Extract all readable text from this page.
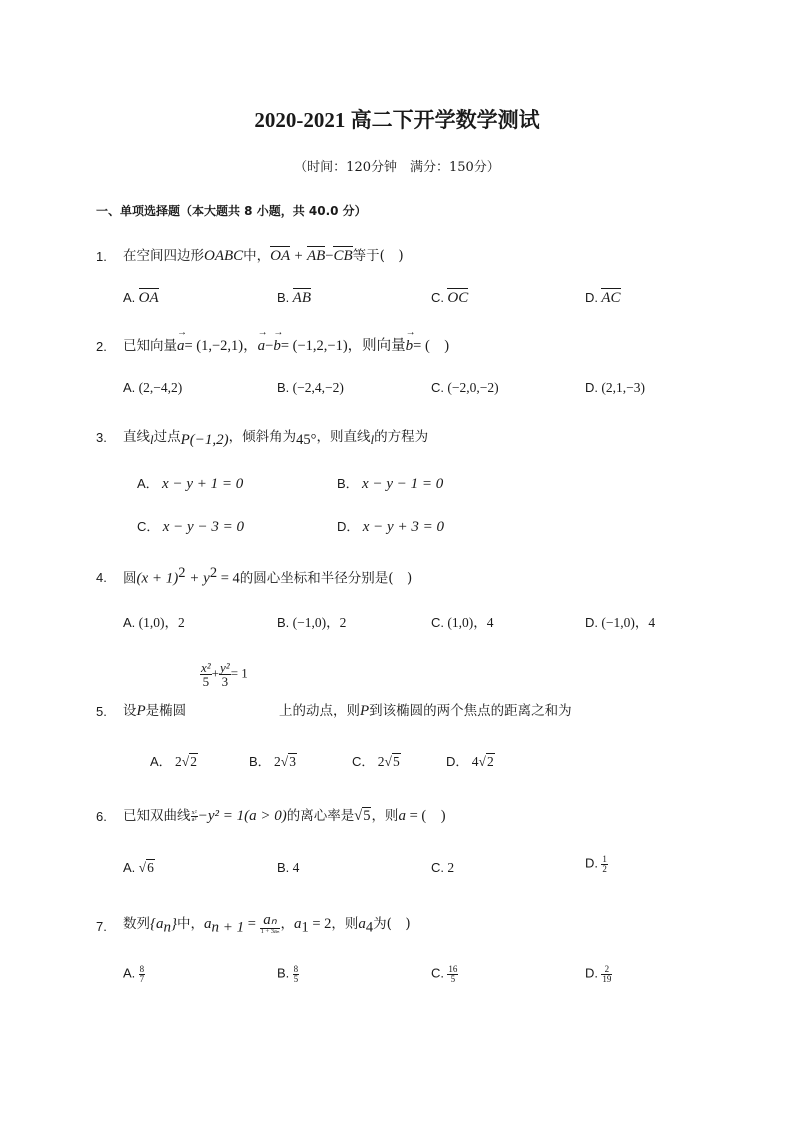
2020-2021 高二下开学数学测试
（时间：120分钟　满分：150分）
一、单项选择题（本大题共 8 小题，共 40.0 分）
1. 在空间四边形OABC中，OA + AB−CB等于(　)
A. OA	B. AB	C. OC	D. AC
2. 已知向量a →= (1,−2,1)，a →−b →= (−1,2,−1)，则向量b →= (　)
A. (2,−4,2)	B. (−2,4,−2)	C. (−2,0,−2)	D. (2,1,−3)
3. 直线l过点P(−1,2)，倾斜角为45°，则直线l的方程为
A． x − y + 1 = 0	B． x − y − 1 = 0
C． x − y − 3 = 0	D． x − y + 3 = 0
4. 圆$(x + 1)^2 + y^2 = 4$的圆心坐标和半径分别是(　)
A. (1,0)，2	B. (−1,0)，2	C. (1,0)，4	D. (−1,0)，4
$\frac{\text{x²}}{5} + \frac{\text{y²}}{3} = 1$
5. 设P是椭圆	上的动点，则P到该椭圆的两个焦点的距离之和为
A． 2√2	B． 2√3	C． 2√5	D． 4√2
6. 已知双曲线 $\frac{\text{x²}}{\text{a²}} -y^2 = 1(a > 0)$的离心率是√5，则a = (　)
A. √6	B. 4	C. 2	D. $\frac{1}{2}$
7. 数列$\{a_n\}$中，$a_{n + 1} = \frac{\text{aₙ}}{\text{1 + 3aₙ}}$ ，$a_1 = 2$，则$a_4$为(　)
A. $\frac{8}{7}$	B. $\frac{8}{5}$	C. $\frac{16}{5}$	D. $\frac{2}{19}$
